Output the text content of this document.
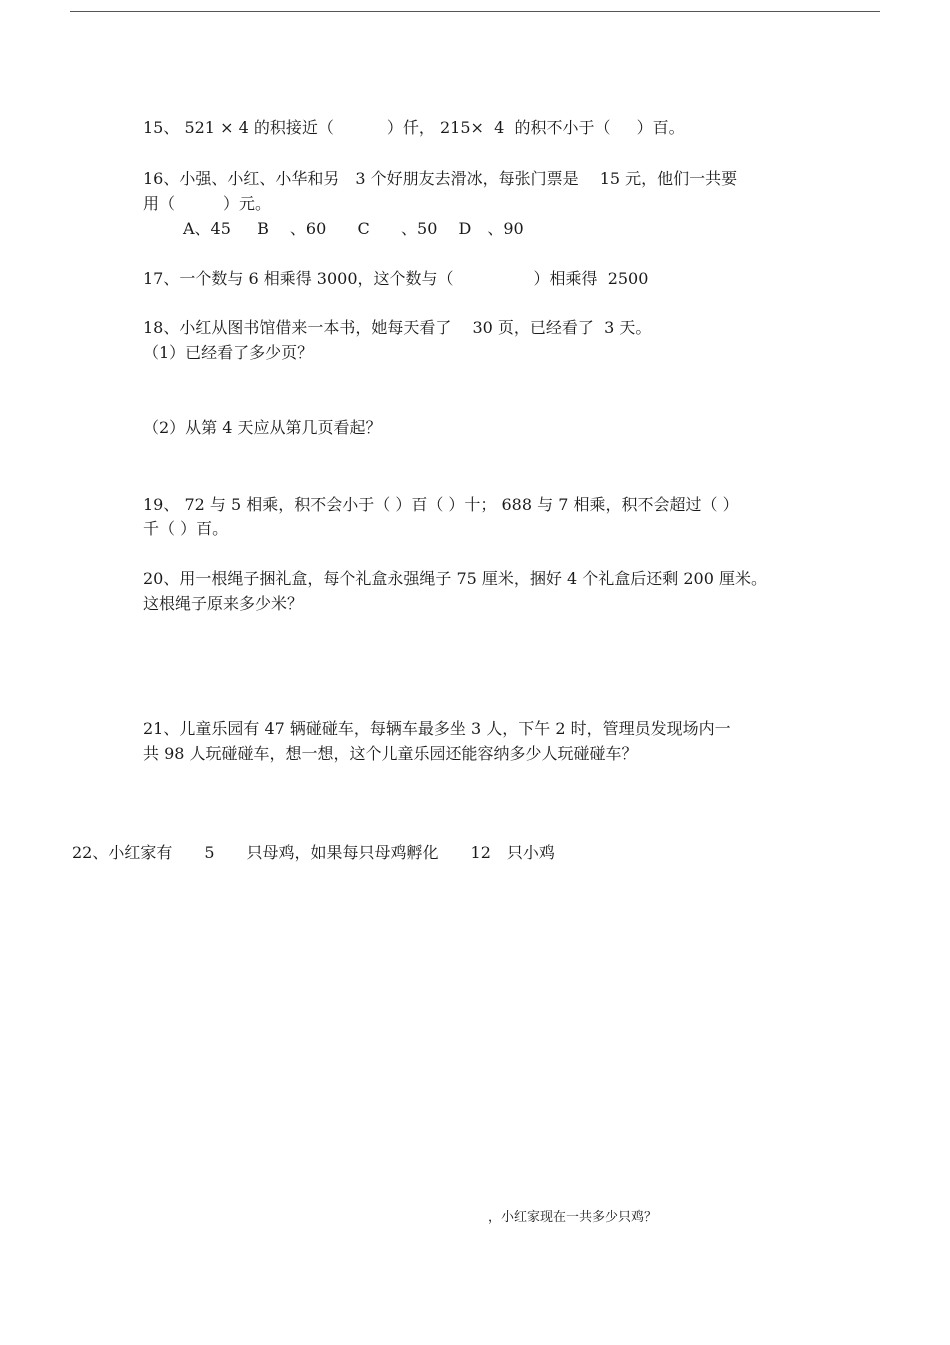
15、 521 × 4 的积接近（　　　 ）仟， 215×  4  的积不小于（　  ）百。
16、小强、小红、小华和另　3 个好朋友去滑冰，每张门票是　 15 元，他们一共要
用（　　　）元。
A、45　  B　 、60　   C　   、50　 D　、90
17、一个数与 6 相乘得 3000，这个数与（　　　　　）相乘得  2500
18、小红从图书馆借来一本书，她每天看了　 30 页，已经看了  3 天。
（1）已经看了多少页？
（2）从第 4 天应从第几页看起？
19、 72 与 5 相乘，积不会小于（ ）百（ ）十； 688 与 7 相乘，积不会超过（ ）
千（ ）百。
20、用一根绳子捆礼盒，每个礼盒永强绳子 75 厘米，捆好 4 个礼盒后还剩 200 厘米。
这根绳子原来多少米？
21、儿童乐园有 47 辆碰碰车，每辆车最多坐 3 人，下午 2 时，管理员发现场内一
共 98 人玩碰碰车，想一想，这个儿童乐园还能容纳多少人玩碰碰车？
22、小红家有　　5　　只母鸡，如果每只母鸡孵化　　12　只小鸡
，小红家现在一共多少只鸡？
